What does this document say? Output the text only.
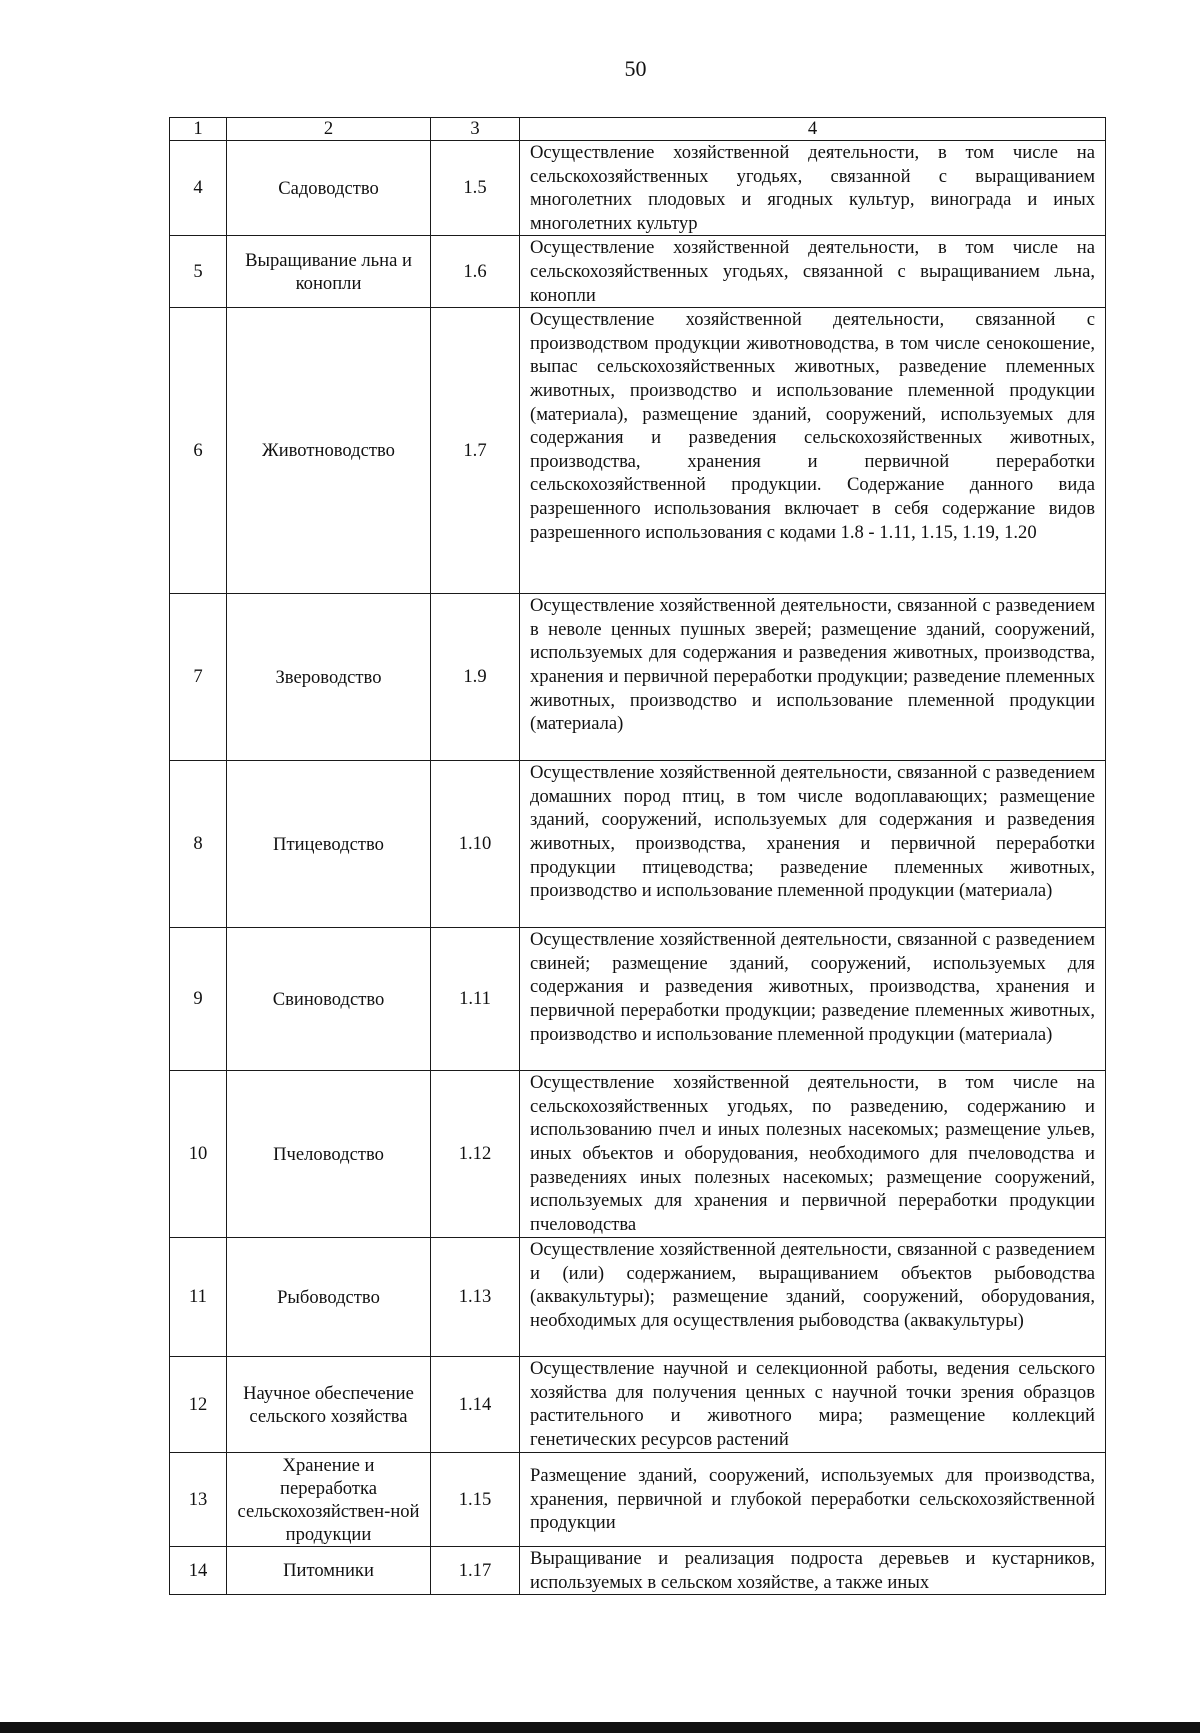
50
1	2	3	4
4	Садоводство	1.5	Осуществление хозяйственной деятельности, в том числе на сельскохозяйственных угодьях, связанной с выращиванием многолетних плодовых и ягодных культур, винограда и иных многолетних культур
5	Выращивание льна и конопли	1.6	Осуществление хозяйственной деятельности, в том числе на сельскохозяйственных угодьях, связанной с выращиванием льна, конопли
6	Животноводство	1.7	Осуществление хозяйственной деятельности, связанной с производством продукции животноводства, в том числе сенокошение, выпас сельскохозяйственных животных, разведение племенных животных, производство и использование племенной продукции (материала), размещение зданий, сооружений, используемых для содержания и разведения сельскохозяйственных животных, производства, хранения и первичной переработки сельскохозяйственной продукции. Содержание данного вида разрешенного использования включает в себя содержание видов разрешенного использования с кодами 1.8 - 1.11, 1.15, 1.19, 1.20
7	Звероводство	1.9	Осуществление хозяйственной деятельности, связанной с разведением в неволе ценных пушных зверей; размещение зданий, сооружений, используемых для содержания и разведения животных, производства, хранения и первичной переработки продукции; разведение племенных животных, производство и использование племенной продукции (материала)
8	Птицеводство	1.10	Осуществление хозяйственной деятельности, связанной с разведением домашних пород птиц, в том числе водоплавающих; размещение зданий, сооружений, используемых для содержания и разведения животных, производства, хранения и первичной переработки продукции птицеводства; разведение племенных животных, производство и использование племенной продукции (материала)
9	Свиноводство	1.11	Осуществление хозяйственной деятельности, связанной с разведением свиней; размещение зданий, сооружений, используемых для содержания и разведения животных, производства, хранения и первичной переработки продукции; разведение племенных животных, производство и использование племенной продукции (материала)
10	Пчеловодство	1.12	Осуществление хозяйственной деятельности, в том числе на сельскохозяйственных угодьях, по разведению, содержанию и использованию пчел и иных полезных насекомых; размещение ульев, иных объектов и оборудования, необходимого для пчеловодства и разведениях иных полезных насекомых; размещение сооружений, используемых для хранения и первичной переработки продукции пчеловодства
11	Рыбоводство	1.13	Осуществление хозяйственной деятельности, связанной с разведением и (или) содержанием, выращиванием объектов рыбоводства (аквакультуры); размещение зданий, сооружений, оборудования, необходимых для осуществления рыбоводства (аквакультуры)
12	Научное обеспечение сельского хозяйства	1.14	Осуществление научной и селекционной работы, ведения сельского хозяйства для получения ценных с научной точки зрения образцов растительного и животного мира; размещение коллекций генетических ресурсов растений
13	Хранение и переработка сельскохозяйствен-ной продукции	1.15	Размещение зданий, сооружений, используемых для производства, хранения, первичной и глубокой переработки сельскохозяйственной продукции
14	Питомники	1.17	Выращивание и реализация подроста деревьев и кустарников, используемых в сельском хозяйстве, а также иных
